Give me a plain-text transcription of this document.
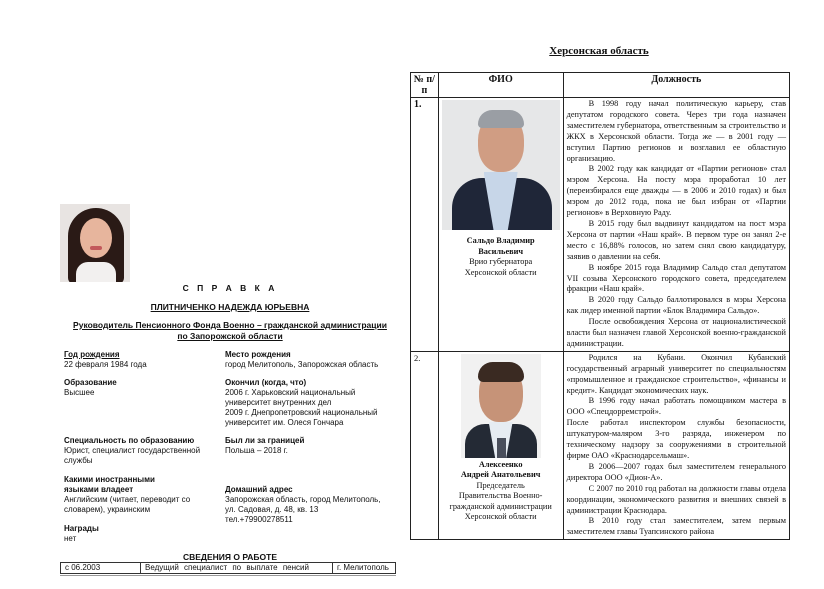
С П Р А В К А
ПЛИТНИЧЕНКО НАДЕЖДА ЮРЬЕВНА
Руководитель Пенсионного Фонда Военно – гражданской администрации
по Запорожской области
Год рождения
22 февраля 1984 года
Место рождения
город Мелитополь, Запорожская область
Образование
Высшее
Окончил (когда, что)
2006 г. Харьковский национальный
университет внутренних дел
2009 г. Днепропетровский национальный
университет им. Олеся Гончара
Специальность по образованию
Юрист, специалист государственной
службы
Был ли за границей
Польша – 2018 г.
Какими иностранными
языками владеет
Английским (читает, переводит со
словарем), украинским
Домашний адрес
Запорожская область, город Мелитополь,
ул. Садовая, д. 48, кв. 13
тел.+79900278511
Награды
нет
СВЕДЕНИЯ О РАБОТЕ
с 06.2003	Ведущий специалист по выплате пенсий	г. Мелитополь
Херсонская область
№ п/п	ФИО	Должность
1.	
Сальдо Владимир
Васильевич
Врио губернатора
Херсонской области

В 1998 году начал политическую карьеру, став депутатом городского совета. Через три года назначен заместителем губернатора, ответственным за строительство и ЖКХ в Херсонской области. Тогда же — в 2001 году —вступил Партию регионов и возглавил ее областную организацию.

В 2002 году как кандидат от «Партии регионов» стал мэром Херсона. На посту мэра проработал 10 лет (переизбирался еще дважды — в 2006 и 2010 годах) и был мэром до 2012 года, пока не был избран от «Партии регионов» в Верховную Раду.

В 2015 году был выдвинут кандидатом на пост мэра Херсона от партии «Наш край». В первом туре он занял 2-е место с 16,88% голосов, но затем снял свою кандидатуру, заявив о давлении на себя.

В ноябре 2015 года Владимир Сальдо стал депутатом VII созыва Херсонского городского совета, председателем фракции «Наш край».

В 2020 году Сальдо баллотировался в мэры Херсона как лидер именной партии «Блок Владимира Сальдо».

После освобождения Херсона от националистической власти был назначен главой Херсонской военно-гражданской администрации.

2.	
Алексеенко
Андрей Анатольевич
Председатель
Правительства Военно-
гражданской администрации
Херсонской области

Родился на Кубани. Окончил Кубанский государственный аграрный университет по специальностям «промышленное и гражданское строительство», «финансы и кредит». Кандидат экономических наук.

В 1996 году начал работать помощником мастера в ООО «Спецдорремстрой».

После работал инспектором службы безопасности, штукатуром-маляром 3-го разряда, инженером по техническому надзору за сооружениями в строительной фирме ОАО «Краснодарсельмаш».

В 2006—2007 годах был заместителем генерального директора ООО «Дион-А».

С 2007 по 2010 год работал на должности главы отдела координации, экономического развития и внешних связей в администрации Краснодара.

В 2010 году стал заместителем, затем первым заместителем главы Туапсинского района
